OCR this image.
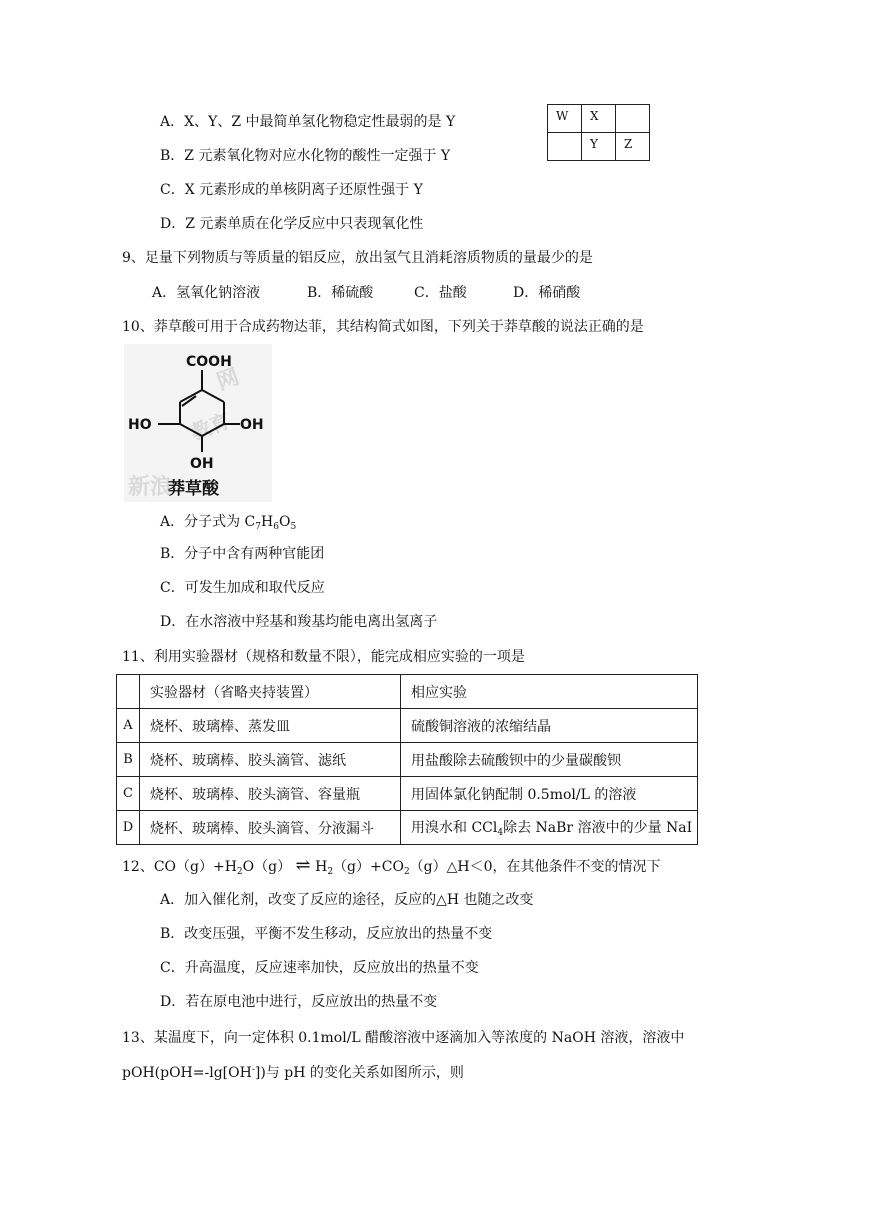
A．X、Y、Z 中最简单氢化物稳定性最弱的是 Y
B．Z 元素氧化物对应水化物的酸性一定强于 Y
C．X 元素形成的单核阴离子还原性强于 Y
D．Z 元素单质在化学反应中只表现氧化性
W	X	
	Y	Z
9、足量下列物质与等质量的铝反应，放出氢气且消耗溶质物质的量最少的是
A．氢氧化钠溶液	B．稀硫酸	C．盐酸	D．稀硝酸
10、莽草酸可用于合成药物达菲，其结构简式如图，下列关于莽草酸的说法正确的是
新浪
教育
网
COOH
HO	OH
OH
莽草酸
A．分子式为 $C_7H_6O_5$
B．分子中含有两种官能团
C．可发生加成和取代反应
D．在水溶液中羟基和羧基均能电离出氢离子
11、利用实验器材（规格和数量不限），能完成相应实验的一项是
	实验器材（省略夹持装置）	相应实验
A	烧杯、玻璃棒、蒸发皿	硫酸铜溶液的浓缩结晶
B	烧杯、玻璃棒、胶头滴管、滤纸	用盐酸除去硫酸钡中的少量碳酸钡
C	烧杯、玻璃棒、胶头滴管、容量瓶	用固体氯化钠配制 0.5mol/L 的溶液
D	烧杯、玻璃棒、胶头滴管、分液漏斗	用溴水和 CCl$_4$除去 NaBr 溶液中的少量 NaI
12、$CO(g)+H_2O(g)$ ⇌ $H_2(g)+CO_2(g)\triangle H<0$，在其他条件不变的情况下
A．加入催化剂，改变了反应的途径，反应的△H 也随之改变
B．改变压强，平衡不发生移动，反应放出的热量不变
C．升高温度，反应速率加快，反应放出的热量不变
D．若在原电池中进行，反应放出的热量不变
13、某温度下，向一定体积 0.1mol/L 醋酸溶液中逐滴加入等浓度的 NaOH 溶液，溶液中
pOH(pOH=-lg[OH-])与 pH 的变化关系如图所示，则
